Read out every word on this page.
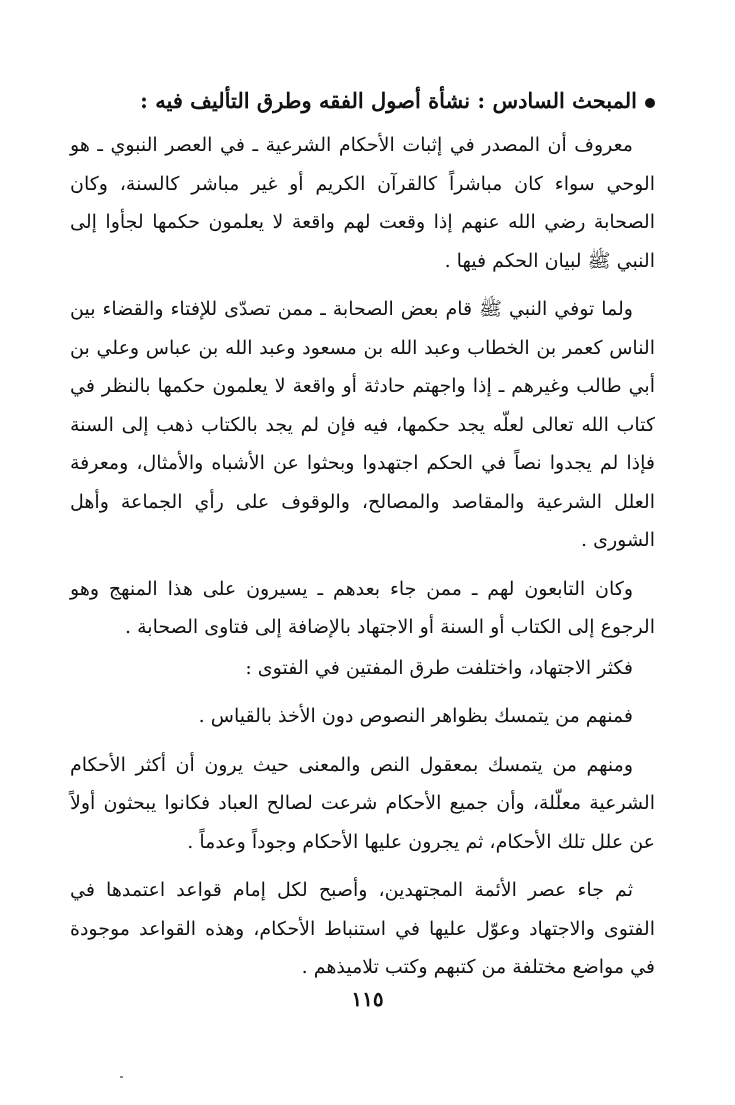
المبحث السادس : نشأة أصول الفقه وطرق التأليف فيه :

معروف أن المصدر في إثبات الأحكام الشرعية ـ في العصر النبوي ـ هو الوحي سواء كان مباشراً كالقرآن الكريم أو غير مباشر كالسنة، وكان الصحابة رضي الله عنهم إذا وقعت لهم واقعة لا يعلمون حكمها لجأوا إلى النبي ﷺ لبيان الحكم فيها .

ولما توفي النبي ﷺ قام بعض الصحابة ـ ممن تصدّى للإفتاء والقضاء بين الناس كعمر بن الخطاب وعبد الله بن مسعود وعبد الله بن عباس وعلي بن أبي طالب وغيرهم ـ إذا واجهتم حادثة أو واقعة لا يعلمون حكمها بالنظر في كتاب الله تعالى لعلّه يجد حكمها، فيه فإن لم يجد بالكتاب ذهب إلى السنة فإذا لم يجدوا نصاً في الحكم اجتهدوا وبحثوا عن الأشباه والأمثال، ومعرفة العلل الشرعية والمقاصد والمصالح، والوقوف على رأي الجماعة وأهل الشورى .

وكان التابعون لهم ـ ممن جاء بعدهم ـ يسيرون على هذا المنهج وهو الرجوع إلى الكتاب أو السنة أو الاجتهاد بالإضافة إلى فتاوى الصحابة .

فكثر الاجتهاد، واختلفت طرق المفتين في الفتوى :

فمنهم من يتمسك بظواهر النصوص دون الأخذ بالقياس .

ومنهم من يتمسك بمعقول النص والمعنى حيث يرون أن أكثر الأحكام الشرعية معلّلة، وأن جميع الأحكام شرعت لصالح العباد فكانوا يبحثون أولاً عن علل تلك الأحكام، ثم يجرون عليها الأحكام وجوداً وعدماً .

ثم جاء عصر الأئمة المجتهدين، وأصبح لكل إمام قواعد اعتمدها في الفتوى والاجتهاد وعوّل عليها في استنباط الأحكام، وهذه القواعد موجودة في مواضع مختلفة من كتبهم وكتب تلاميذهم .

١١٥
